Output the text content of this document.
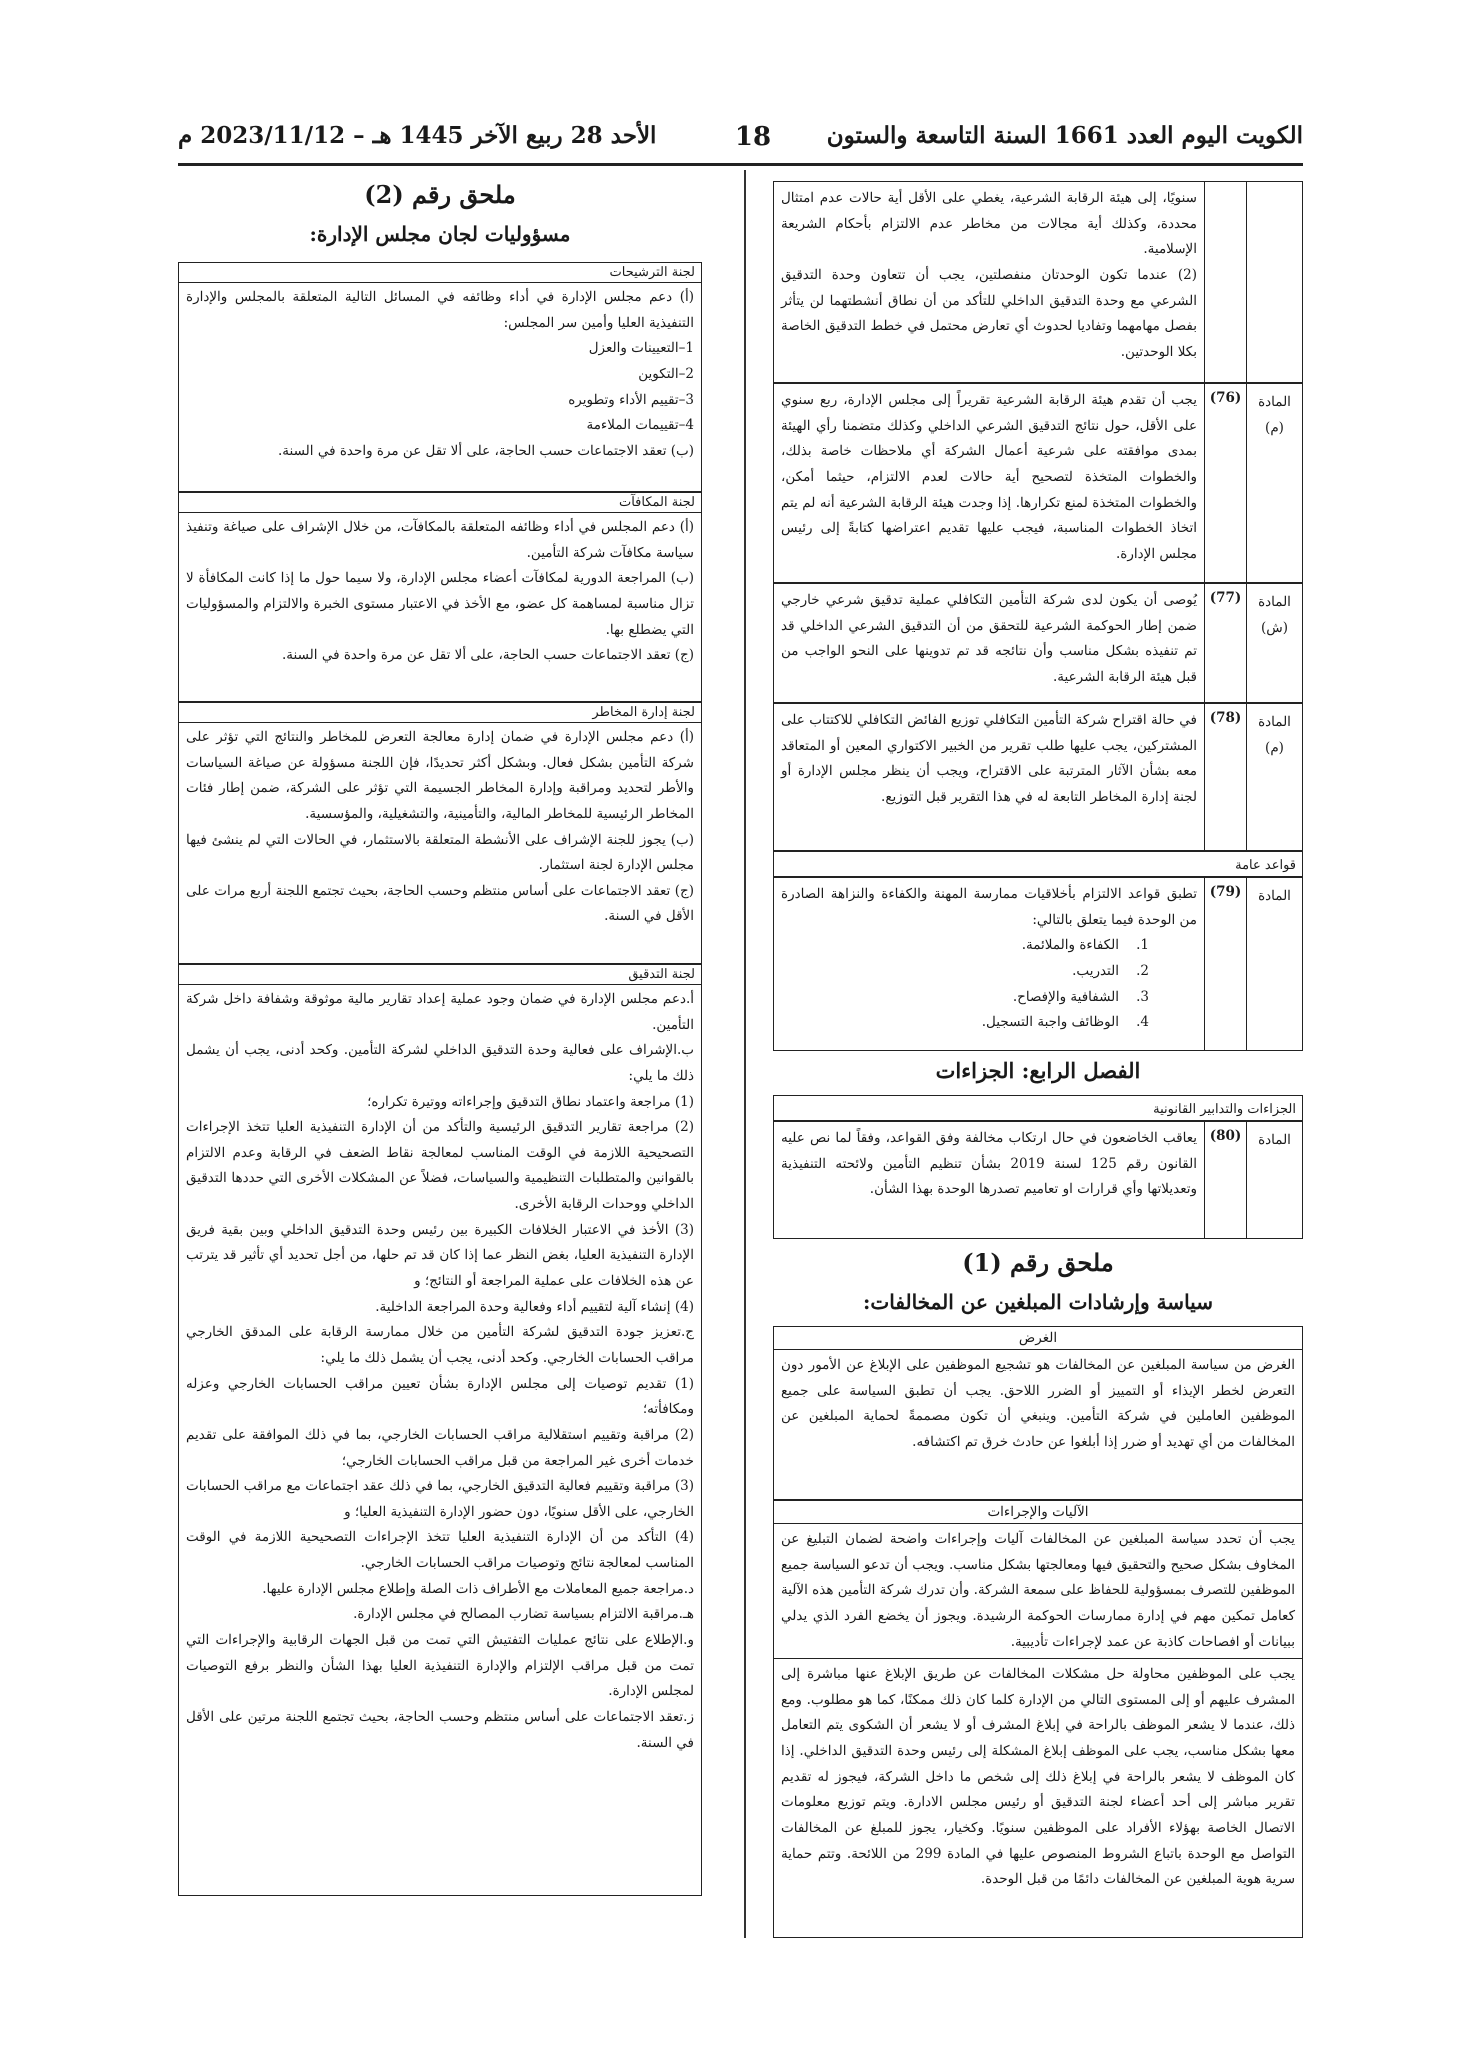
الكويت اليوم العدد 1661 السنة التاسعة والستون
18
الأحد 28 ربيع الآخر 1445 هـ – 2023/11/12 م

سنويًا، إلى هيئة الرقابة الشرعية، يغطي على الأقل أية حالات عدم امتثال محددة، وكذلك أية مجالات من مخاطر عدم الالتزام بأحكام الشريعة الإسلامية.

(2) عندما تكون الوحدتان منفصلتين، يجب أن تتعاون وحدة التدقيق الشرعي مع وحدة التدقيق الداخلي للتأكد من أن نطاق أنشطتهما لن يتأثر بفصل مهامهما وتفاديا لحدوث أي تعارض محتمل في خطط التدقيق الخاصة بكلا الوحدتين.

المادة (م)
(76)

يجب أن تقدم هيئة الرقابة الشرعية تقريراً إلى مجلس الإدارة، ربع سنوي على الأقل، حول نتائج التدقيق الشرعي الداخلي وكذلك متضمنا رأي الهيئة بمدى موافقته على شرعية أعمال الشركة أي ملاحظات خاصة بذلك، والخطوات المتخذة لتصحيح أية حالات لعدم الالتزام، حيثما أمكن، والخطوات المتخذة لمنع تكرارها. إذا وجدت هيئة الرقابة الشرعية أنه لم يتم اتخاذ الخطوات المناسبة، فيجب عليها تقديم اعتراضها كتابةً إلى رئيس مجلس الإدارة.

المادة (ش)
(77)

يُوصى أن يكون لدى شركة التأمين التكافلي عملية تدقيق شرعي خارجي ضمن إطار الحوكمة الشرعية للتحقق من أن التدقيق الشرعي الداخلي قد تم تنفيذه بشكل مناسب وأن نتائجه قد تم تدوينها على النحو الواجب من قبل هيئة الرقابة الشرعية.

المادة (م)
(78)

في حالة اقتراح شركة التأمين التكافلي توزيع الفائض التكافلي للاكتتاب على المشتركين، يجب عليها طلب تقرير من الخبير الاكتواري المعين أو المتعاقد معه بشأن الآثار المترتبة على الاقتراح، ويجب أن ينظر مجلس الإدارة أو لجنة إدارة المخاطر التابعة له في هذا التقرير قبل التوزيع.

قواعد عامة
المادة
(79)

تطبق قواعد الالتزام بأخلاقيات ممارسة المهنة والكفاءة والنزاهة الصادرة من الوحدة فيما يتعلق بالتالي:

1.الكفاءة والملائمة.
2.التدريب.
3.الشفافية والإفصاح.
4.الوظائف واجبة التسجيل.
الفصل الرابع: الجزاءات
الجزاءات والتدابير القانونية
المادة
(80)

يعاقب الخاضعون في حال ارتكاب مخالفة وفق القواعد، وفقاً لما نص عليه القانون رقم 125 لسنة 2019 بشأن تنظيم التأمين ولائحته التنفيذية وتعديلاتها وأي قرارات او تعاميم تصدرها الوحدة بهذا الشأن.

ملحق رقم (1)
سياسة وإرشادات المبلغين عن المخالفات:
الغرض

الغرض من سياسة المبلغين عن المخالفات هو تشجيع الموظفين على الإبلاغ عن الأمور دون التعرض لخطر الإيذاء أو التمييز أو الضرر اللاحق. يجب أن تطبق السياسة على جميع الموظفين العاملين في شركة التأمين. وينبغي أن تكون مصممةً لحماية المبلغين عن المخالفات من أي تهديد أو ضرر إذا أبلغوا عن حادث خرق تم اكتشافه.

الآليات والإجراءات

يجب أن تحدد سياسة المبلغين عن المخالفات آليات وإجراءات واضحة لضمان التبليغ عن المخاوف بشكل صحيح والتحقيق فيها ومعالجتها بشكل مناسب. ويجب أن تدعو السياسة جميع الموظفين للتصرف بمسؤولية للحفاظ على سمعة الشركة. وأن تدرك شركة التأمين هذه الآلية كعامل تمكين مهم في إدارة ممارسات الحوكمة الرشيدة. ويجوز أن يخضع الفرد الذي يدلي ببيانات أو افصاحات كاذبة عن عمد لإجراءات تأديبية.

يجب على الموظفين محاولة حل مشكلات المخالفات عن طريق الإبلاغ عنها مباشرة إلى المشرف عليهم أو إلى المستوى التالي من الإدارة كلما كان ذلك ممكنًا، كما هو مطلوب. ومع ذلك، عندما لا يشعر الموظف بالراحة في إبلاغ المشرف أو لا يشعر أن الشكوى يتم التعامل معها بشكل مناسب، يجب على الموظف إبلاغ المشكلة إلى رئيس وحدة التدقيق الداخلي. إذا كان الموظف لا يشعر بالراحة في إبلاغ ذلك إلى شخص ما داخل الشركة، فيجوز له تقديم تقرير مباشر إلى أحد أعضاء لجنة التدقيق أو رئيس مجلس الادارة. ويتم توزيع معلومات الاتصال الخاصة بهؤلاء الأفراد على الموظفين سنويًا. وكخيار، يجوز للمبلغ عن المخالفات التواصل مع الوحدة باتباع الشروط المنصوص عليها في المادة 299 من اللائحة. وتتم حماية سرية هوية المبلغين عن المخالفات دائمًا من قبل الوحدة.

ملحق رقم (2)
مسؤوليات لجان مجلس الإدارة:
لجنة الترشيحات

(أ) دعم مجلس الإدارة في أداء وظائفه في المسائل التالية المتعلقة بالمجلس والإدارة التنفيذية العليا وأمين سر المجلس:

1–التعيينات والعزل

2–التكوين

3–تقييم الأداء وتطويره

4–تقييمات الملاءمة

(ب) تعقد الاجتماعات حسب الحاجة، على ألا تقل عن مرة واحدة في السنة.

لجنة المكافآت

(أ) دعم المجلس في أداء وظائفه المتعلقة بالمكافآت، من خلال الإشراف على صياغة وتنفيذ سياسة مكافآت شركة التأمين.

(ب) المراجعة الدورية لمكافآت أعضاء مجلس الإدارة، ولا سيما حول ما إذا كانت المكافأة لا تزال مناسبة لمساهمة كل عضو، مع الأخذ في الاعتبار مستوى الخبرة والالتزام والمسؤوليات التي يضطلع بها.

(ج) تعقد الاجتماعات حسب الحاجة، على ألا تقل عن مرة واحدة في السنة.

لجنة إدارة المخاطر

(أ) دعم مجلس الإدارة في ضمان إدارة معالجة التعرض للمخاطر والنتائج التي تؤثر على شركة التأمين بشكل فعال. وبشكل أكثر تحديدًا، فإن اللجنة مسؤولة عن صياغة السياسات والأطر لتحديد ومراقبة وإدارة المخاطر الجسيمة التي تؤثر على الشركة، ضمن إطار فئات المخاطر الرئيسية للمخاطر المالية، والتأمينية، والتشغيلية، والمؤسسية.

(ب) يجوز للجنة الإشراف على الأنشطة المتعلقة بالاستثمار، في الحالات التي لم ينشئ فيها مجلس الإدارة لجنة استثمار.

(ج) تعقد الاجتماعات على أساس منتظم وحسب الحاجة، بحيث تجتمع اللجنة أربع مرات على الأقل في السنة.

لجنة التدقيق

أ.دعم مجلس الإدارة في ضمان وجود عملية إعداد تقارير مالية موثوقة وشفافة داخل شركة التأمين.

ب.الإشراف على فعالية وحدة التدقيق الداخلي لشركة التأمين. وكحد أدنى، يجب أن يشمل ذلك ما يلي:

(1) مراجعة واعتماد نطاق التدقيق وإجراءاته ووتيرة تكراره؛

(2) مراجعة تقارير التدقيق الرئيسية والتأكد من أن الإدارة التنفيذية العليا تتخذ الإجراءات التصحيحية اللازمة في الوقت المناسب لمعالجة نقاط الضعف في الرقابة وعدم الالتزام بالقوانين والمتطلبات التنظيمية والسياسات، فضلاً عن المشكلات الأخرى التي حددها التدقيق الداخلي ووحدات الرقابة الأخرى.

(3) الأخذ في الاعتبار الخلافات الكبيرة بين رئيس وحدة التدقيق الداخلي وبين بقية فريق الإدارة التنفيذية العليا، بغض النظر عما إذا كان قد تم حلها، من أجل تحديد أي تأثير قد يترتب عن هذه الخلافات على عملية المراجعة أو النتائج؛ و

(4) إنشاء آلية لتقييم أداء وفعالية وحدة المراجعة الداخلية.

ج.تعزيز جودة التدقيق لشركة التأمين من خلال ممارسة الرقابة على المدقق الخارجي مراقب الحسابات الخارجي. وكحد أدنى، يجب أن يشمل ذلك ما يلي:

(1) تقديم توصيات إلى مجلس الإدارة بشأن تعيين مراقب الحسابات الخارجي وعزله ومكافأته؛

(2) مراقبة وتقييم استقلالية مراقب الحسابات الخارجي، بما في ذلك الموافقة على تقديم خدمات أخرى غير المراجعة من قبل مراقب الحسابات الخارجي؛

(3) مراقبة وتقييم فعالية التدقيق الخارجي، بما في ذلك عقد اجتماعات مع مراقب الحسابات الخارجي، على الأقل سنويًا، دون حضور الإدارة التنفيذية العليا؛ و

(4) التأكد من أن الإدارة التنفيذية العليا تتخذ الإجراءات التصحيحية اللازمة في الوقت المناسب لمعالجة نتائج وتوصيات مراقب الحسابات الخارجي.

د.مراجعة جميع المعاملات مع الأطراف ذات الصلة وإطلاع مجلس الإدارة عليها.

هـ.مراقبة الالتزام بسياسة تضارب المصالح في مجلس الإدارة.

و.الإطلاع على نتائج عمليات التفتيش التي تمت من قبل الجهات الرقابية والإجراءات التي تمت من قبل مراقب الإلتزام والإدارة التنفيذية العليا بهذا الشأن والنظر برفع التوصيات لمجلس الإدارة.

ز.تعقد الاجتماعات على أساس منتظم وحسب الحاجة، بحيث تجتمع اللجنة مرتين على الأقل في السنة.
